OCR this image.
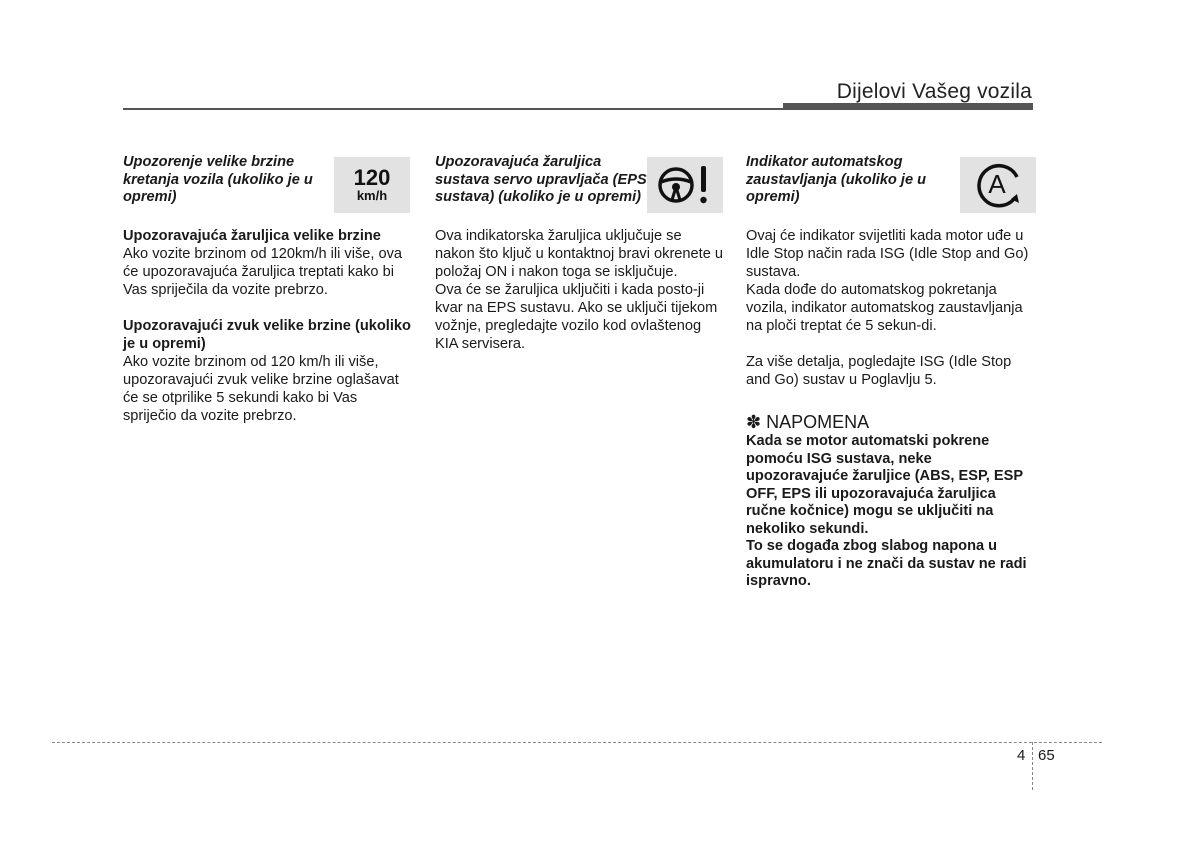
Dijelovi Vašeg vozila
Upozorenje velike brzine kretanja vozila (ukoliko je u opremi)
120
km/h

Upozoravajuća žaruljica velike brzine

Ako vozite brzinom od 120km/h ili više, ova će upozoravajuća žaruljica treptati kako bi Vas spriječila da vozite prebrzo.

Upozoravajući zvuk velike brzine (ukoliko je u opremi)

Ako vozite brzinom od 120 km/h ili više, upozoravajući zvuk velike brzine oglašavat će se otprilike 5 sekundi kako bi Vas spriječio da vozite prebrzo.

Upozoravajuća žaruljica sustava servo upravljača (EPS sustava) (ukoliko je u opremi)

Ova indikatorska žaruljica uključuje se nakon što ključ u kontaktnoj bravi okrenete u položaj ON i nakon toga se isključuje.

Ova će se žaruljica uključiti i kada posto-ji kvar na EPS sustavu. Ako se uključi tijekom vožnje, pregledajte vozilo kod ovlaštenog KIA servisera.

Indikator automatskog zaustavljanja (ukoliko je u opremi)	A

Ovaj će indikator svijetliti kada motor uđe u Idle Stop način rada ISG (Idle Stop and Go) sustava.

Kada dođe do automatskog pokretanja vozila, indikator automatskog zaustavljanja na ploči treptat će 5 sekun-di.

Za više detalja, pogledajte ISG (Idle Stop and Go) sustav u Poglavlju 5.

✽ NAPOMENA

Kada se motor automatski pokrene pomoću ISG sustava, neke upozoravajuće žaruljice (ABS, ESP, ESP OFF, EPS ili upozoravajuća žaruljica ručne kočnice) mogu se uključiti na nekoliko sekundi.

To se događa zbog slabog napona u akumulatoru i ne znači da sustav ne radi ispravno.

4 65
